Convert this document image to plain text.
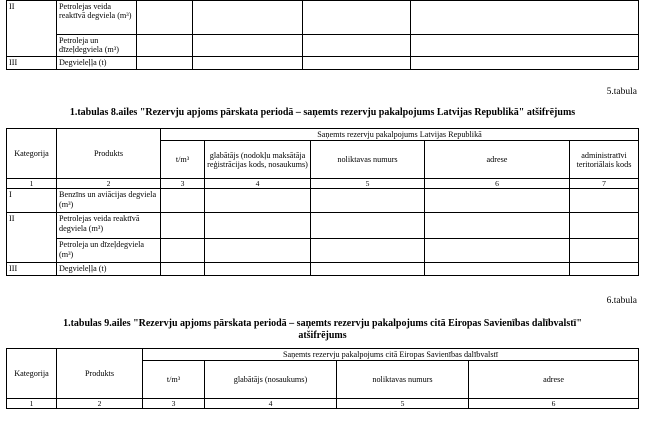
II	Petrolejas veida reaktīvā degviela (m³)				
	Petroleja un dīzeļdegviela (m³)				
III	Degvieleļļa (t)				
5.tabula
1.tabulas 8.ailes "Rezervju apjoms pārskata periodā – saņemts rezervju pakalpojums Latvijas Republikā" atšifrējums
Kategorija	Produkts	Saņemts rezervju pakalpojums Latvijas Republikā				
		t/m³	glabātājs (nodokļu maksātāja reģistrācijas kods, nosaukums)	noliktavas numurs	adrese	administratīvi teritoriālais kods
1	2	3	4	5	6	7
I	Benzīns un aviācijas degviela (m³)					
II	Petrolejas veida reaktīvā degviela (m³)					
	Petroleja un dīzeļdegviela (m³)					
III	Degvieleļļa (t)					
6.tabula
1.tabulas 9.ailes "Rezervju apjoms pārskata periodā – saņemts rezervju pakalpojums citā Eiropas Savienības dalībvalstī"
atšifrējums
Kategorija	Produkts	Saņemts rezervju pakalpojums citā Eiropas Savienības dalībvalstī			
		t/m³	glabātājs (nosaukums)	noliktavas numurs	adrese
1	2	3	4	5	6
